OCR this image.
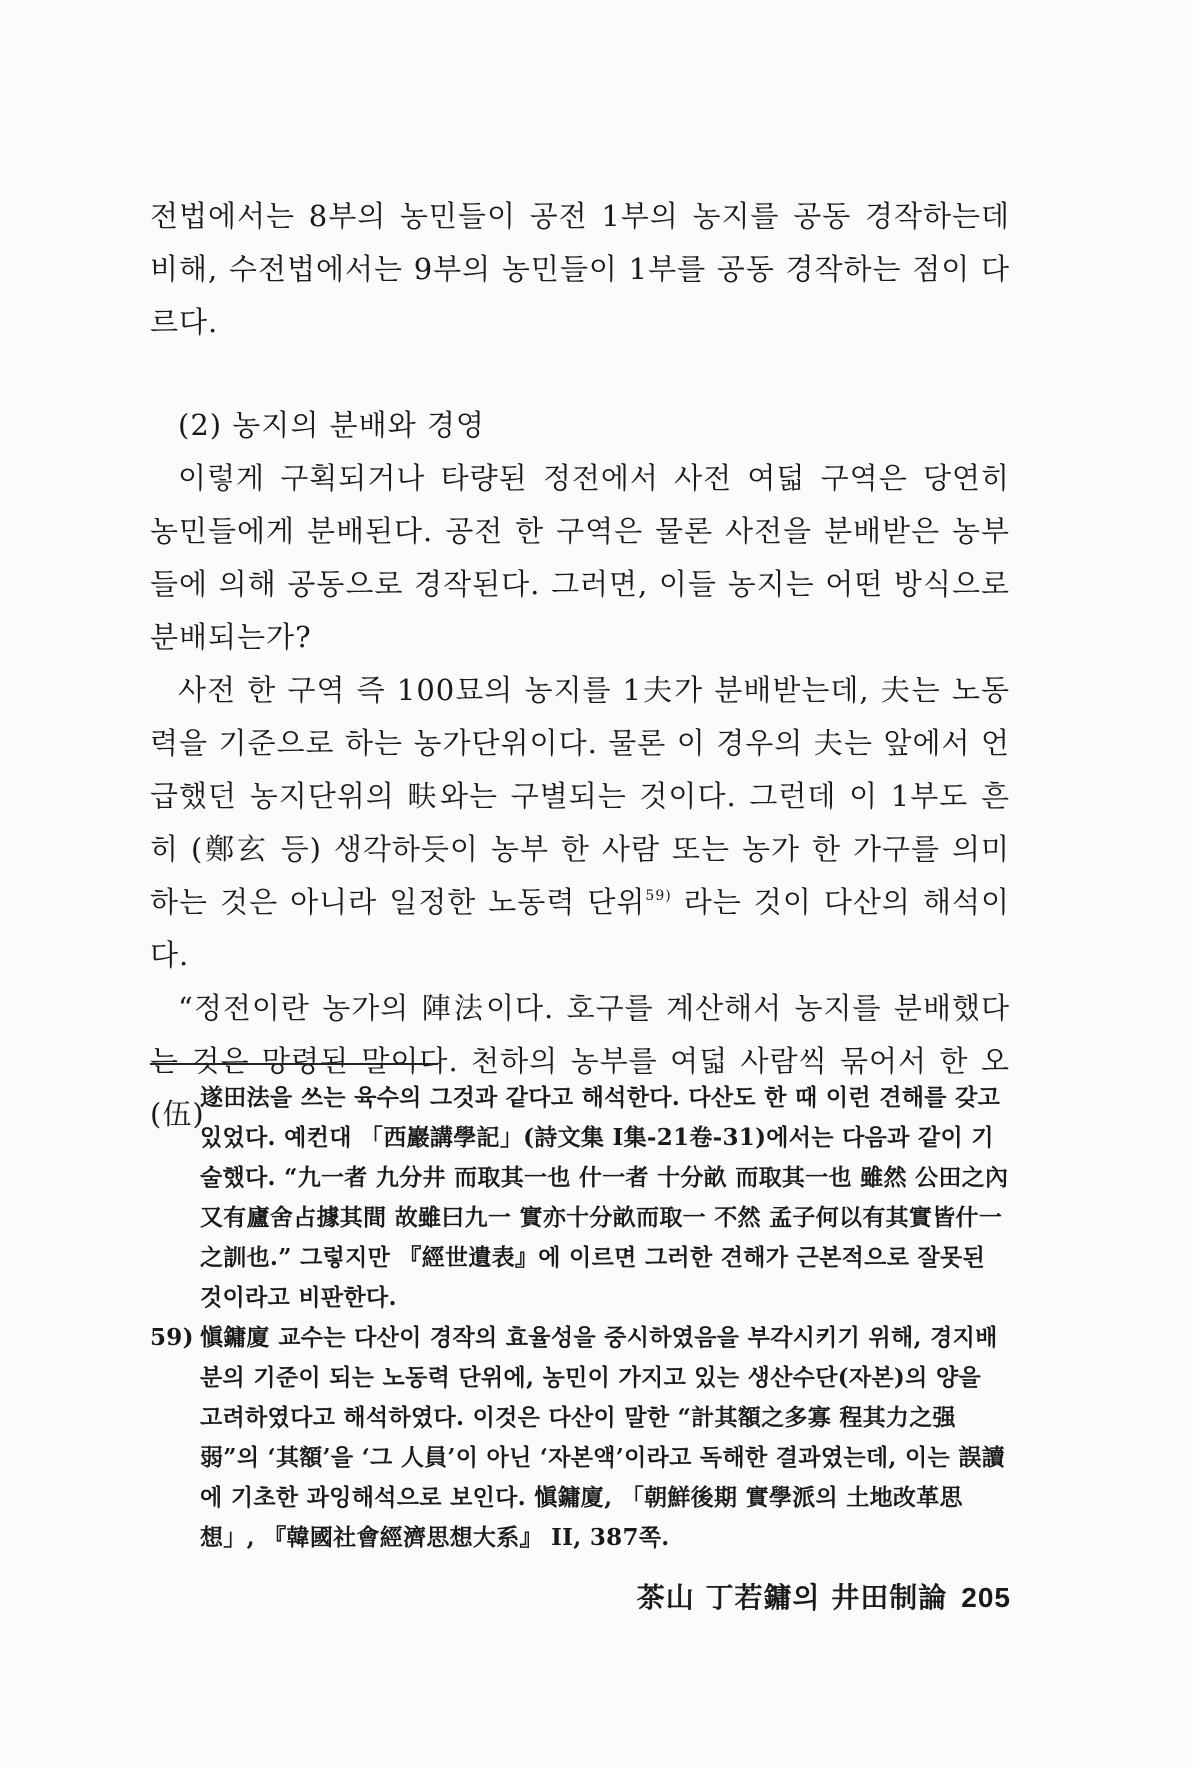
전법에서는 8부의 농민들이 공전 1부의 농지를 공동 경작하는데 비해, 수전법에서는 9부의 농민들이 1부를 공동 경작하는 점이 다르다.

(2) 농지의 분배와 경영

이렇게 구획되거나 타량된 정전에서 사전 여덟 구역은 당연히 농민들에게 분배된다. 공전 한 구역은 물론 사전을 분배받은 농부들에 의해 공동으로 경작된다. 그러면, 이들 농지는 어떤 방식으로 분배되는가?

사전 한 구역 즉 100묘의 농지를 1夫가 분배받는데, 夫는 노동력을 기준으로 하는 농가단위이다. 물론 이 경우의 夫는 앞에서 언급했던 농지단위의 畉와는 구별되는 것이다. 그런데 이 1부도 흔히 (鄭玄 등) 생각하듯이 농부 한 사람 또는 농가 한 가구를 의미하는 것은 아니라 일정한 노동력 단위$^{59)}$ 라는 것이 다산의 해석이다.

“정전이란 농가의 陣法이다. 호구를 계산해서 농지를 분배했다는 것은 망령된 말이다. 천하의 농부를 여덟 사람씩 묶어서 한 오(伍)

遂田法을 쓰는 육수의 그것과 같다고 해석한다. 다산도 한 때 이런 견해를 갖고 있었다. 예컨대 「西巖講學記」(詩文集 I集-21卷-31)에서는 다음과 같이 기술했다. “九一者 九分井 而取其一也 什一者 十分畝 而取其一也 雖然 公田之內 又有廬舍占據其間 故雖曰九一 實亦十分畝而取一 不然 孟子何以有其實皆什一之訓也.” 그렇지만 『經世遺表』에 이르면 그러한 견해가 근본적으로 잘못된 것이라고 비판한다.

59) 愼鏞廈 교수는 다산이 경작의 효율성을 중시하였음을 부각시키기 위해, 경지배분의 기준이 되는 노동력 단위에, 농민이 가지고 있는 생산수단(자본)의 양을 고려하였다고 해석하였다. 이것은 다산이 말한 “計其額之多寡 程其力之强弱”의 ‘其額’을 ‘그 人員’이 아닌 ‘자본액’이라고 독해한 결과였는데, 이는 誤讀에 기초한 과잉해석으로 보인다. 愼鏞廈, 「朝鮮後期 實學派의 土地改革思想」, 『韓國社會經濟思想大系』 II, 387쪽.
茶山 丁若鏞의 井田制論 205
